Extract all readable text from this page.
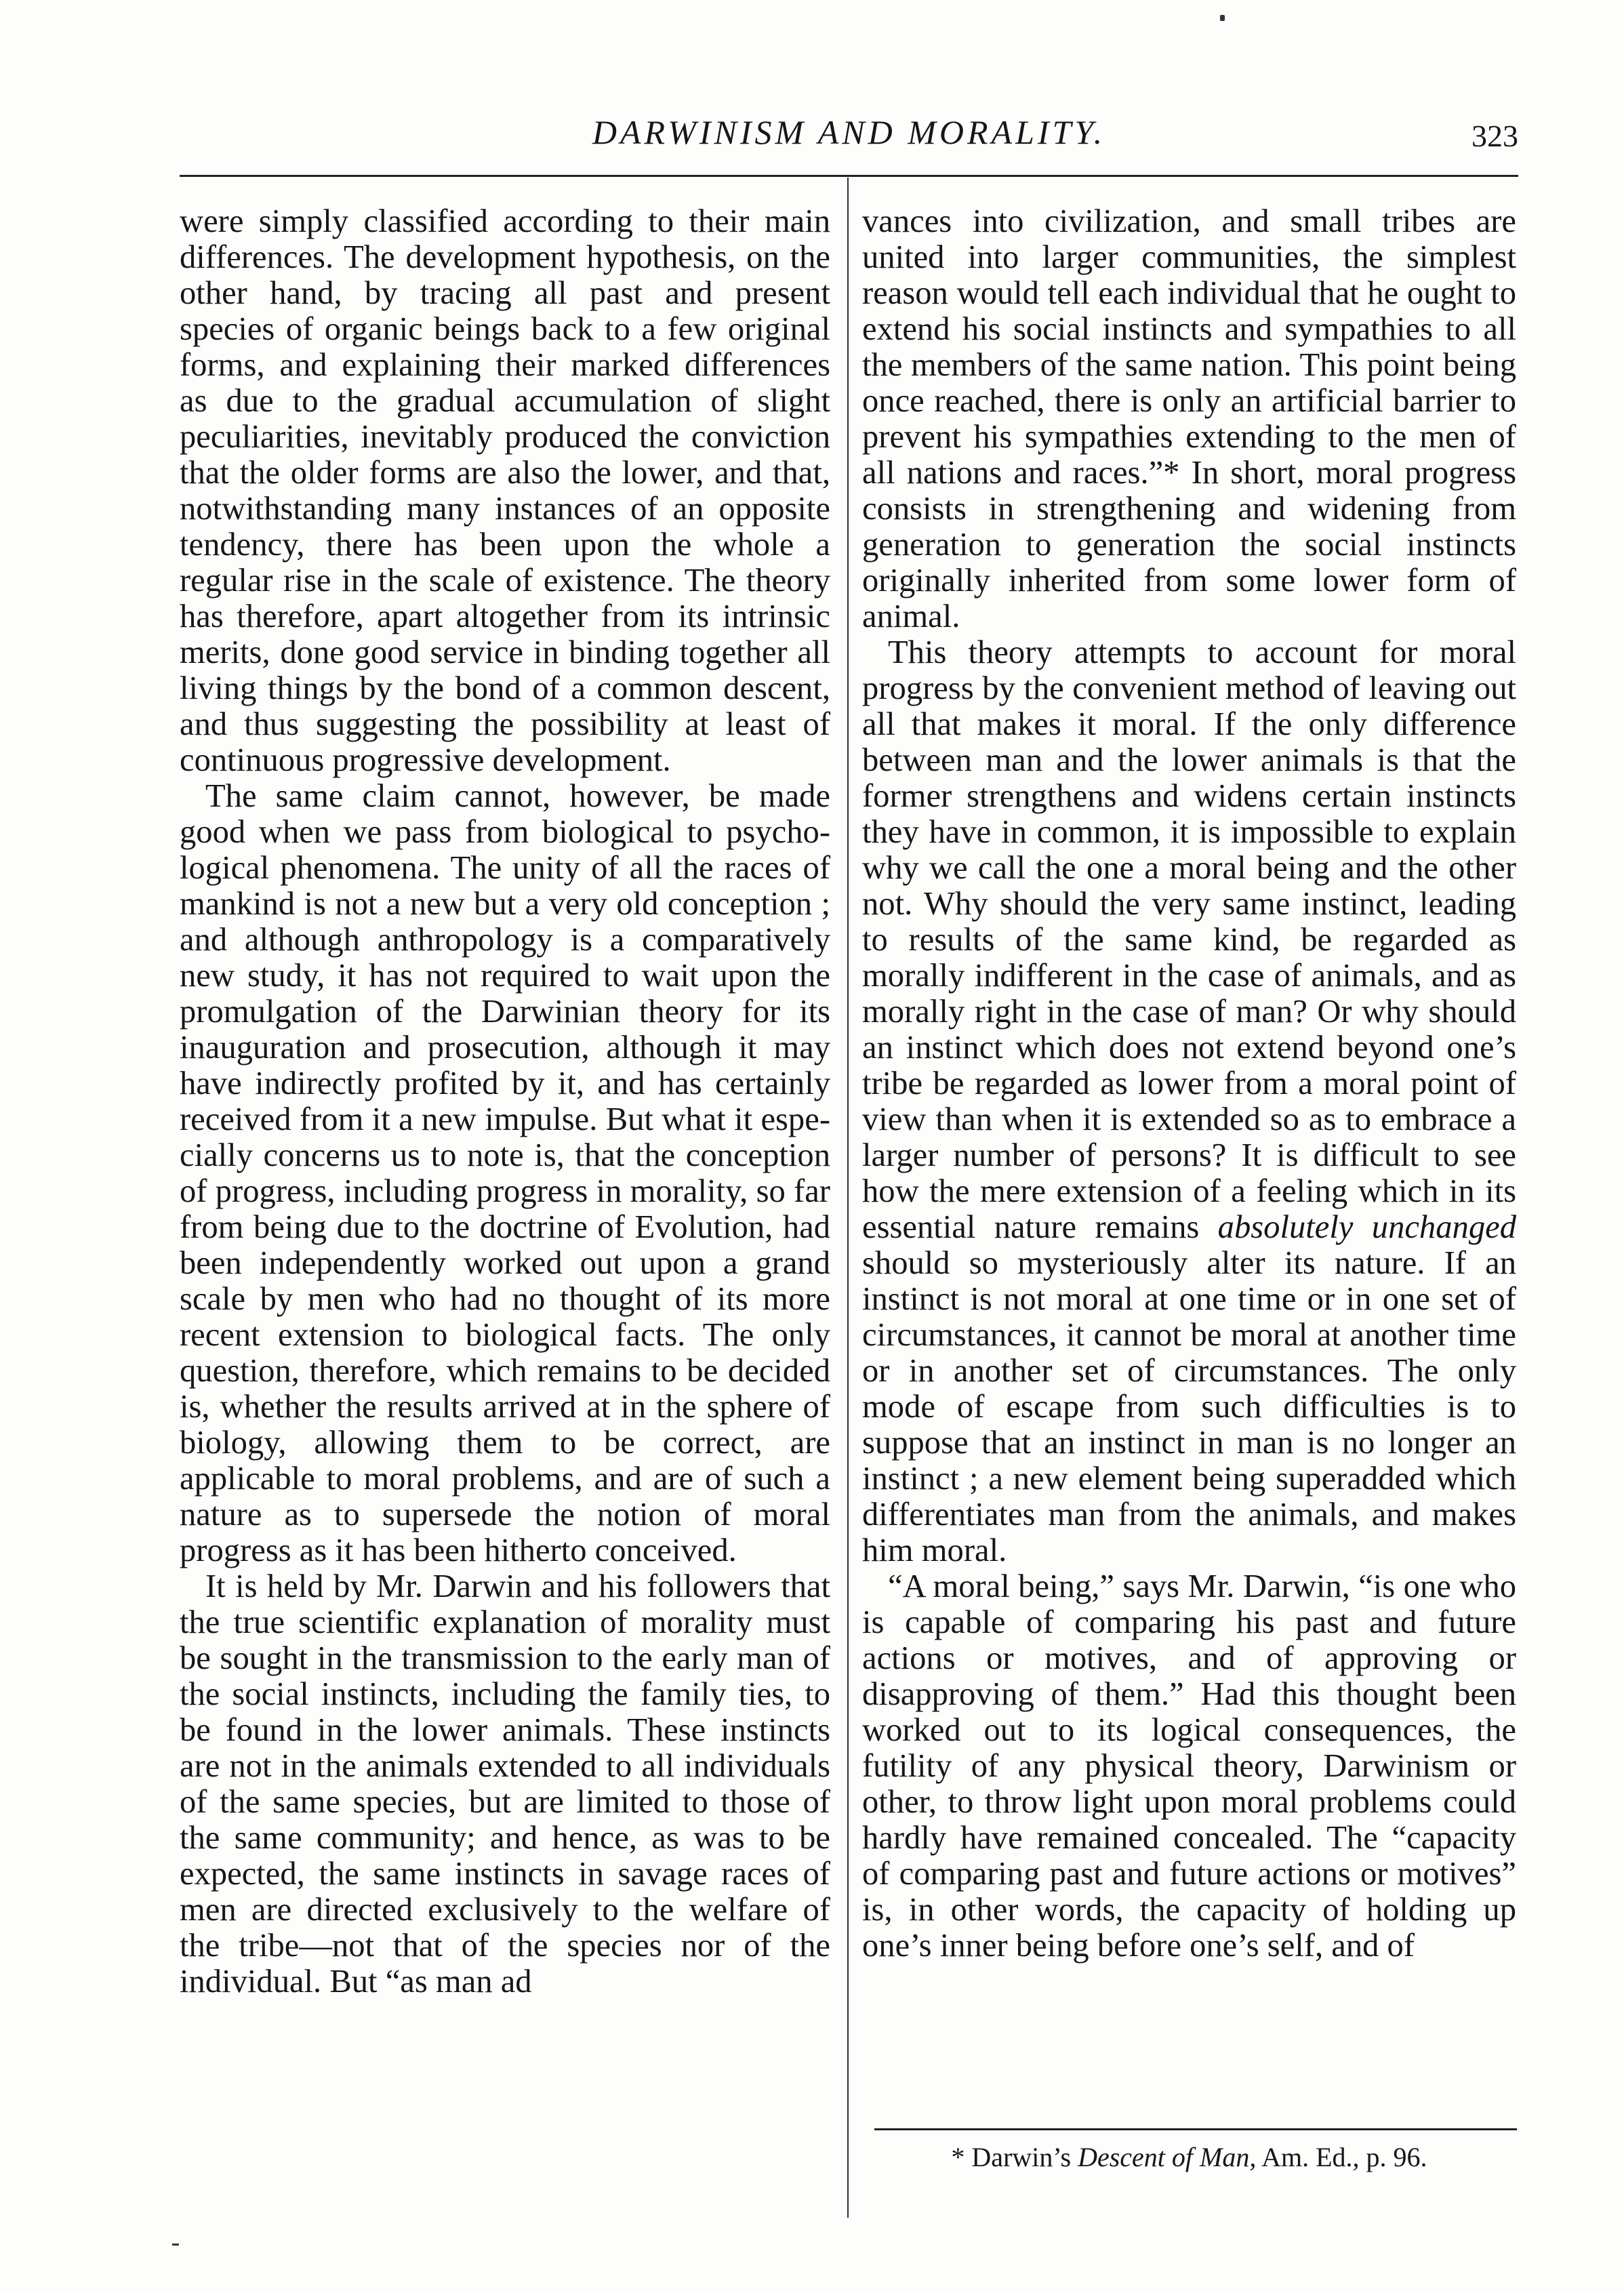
DARWINISM AND MORALITY.	323

were simply classified according to their main differences. The development hypothesis, on the other hand, by tracing all past and present species of organic beings back to a few original forms, and explaining their marked differences as due to the gradual accumulation of slight peculiarities, inevitably produced the conviction that the older forms are also the lower, and that, notwithstanding many instances of an opposite tendency, there has been upon the whole a regular rise in the scale of existence. The theory has therefore, apart altogether from its intrinsic merits, done good service in binding together all living things by the bond of a common descent, and thus suggesting the possibility at least of continuous progressive development.

The same claim cannot, however, be made good when we pass from biological to psychological phenomena. The unity of all the races of mankind is not a new but a very old conception ; and although anthropology is a comparatively new study, it has not required to wait upon the promulgation of the Darwinian theory for its inauguration and prosecution, although it may have indirectly profited by it, and has certainly received from it a new impulse. But what it especially concerns us to note is, that the conception of progress, including progress in morality, so far from being due to the doctrine of Evolution, had been independently worked out upon a grand scale by men who had no thought of its more recent extension to biological facts. The only question, therefore, which remains to be decided is, whether the results arrived at in the sphere of biology, allowing them to be correct, are applicable to moral problems, and are of such a nature as to supersede the notion of moral progress as it has been hitherto conceived.

It is held by Mr. Darwin and his followers that the true scientific explanation of morality must be sought in the transmission to the early man of the social instincts, including the family ties, to be found in the lower animals. These instincts are not in the animals extended to all individuals of the same species, but are limited to those of the same community; and hence, as was to be expected, the same instincts in savage races of men are directed exclusively to the welfare of the tribe—not that of the species nor of the individual. But “as man ad

vances into civilization, and small tribes are united into larger communities, the simplest reason would tell each individual that he ought to extend his social instincts and sympathies to all the members of the same nation. This point being once reached, there is only an artificial barrier to prevent his sympathies extending to the men of all nations and races.”* In short, moral progress consists in strengthening and widening from generation to generation the social instincts originally inherited from some lower form of animal.

This theory attempts to account for moral progress by the convenient method of leaving out all that makes it moral. If the only difference between man and the lower animals is that the former strengthens and widens certain instincts they have in common, it is impossible to explain why we call the one a moral being and the other not. Why should the very same instinct, leading to results of the same kind, be regarded as morally indifferent in the case of animals, and as morally right in the case of man? Or why should an instinct which does not extend beyond one’s tribe be regarded as lower from a moral point of view than when it is extended so as to embrace a larger number of persons? It is difficult to see how the mere extension of a feeling which in its essential nature remains absolutely unchanged should so mysteriously alter its nature. If an instinct is not moral at one time or in one set of circumstances, it cannot be moral at another time or in another set of circumstances. The only mode of escape from such difficulties is to suppose that an instinct in man is no longer an instinct ; a new element being superadded which differentiates man from the animals, and makes him moral.

“A moral being,” says Mr. Darwin, “is one who is capable of comparing his past and future actions or motives, and of approving or disapproving of them.” Had this thought been worked out to its logical consequences, the futility of any physical theory, Darwinism or other, to throw light upon moral problems could hardly have remained concealed. The “capacity of comparing past and future actions or motives” is, in other words, the capacity of holding up one’s inner being before one’s self, and of

* Darwin’s Descent of Man, Am. Ed., p. 96.
